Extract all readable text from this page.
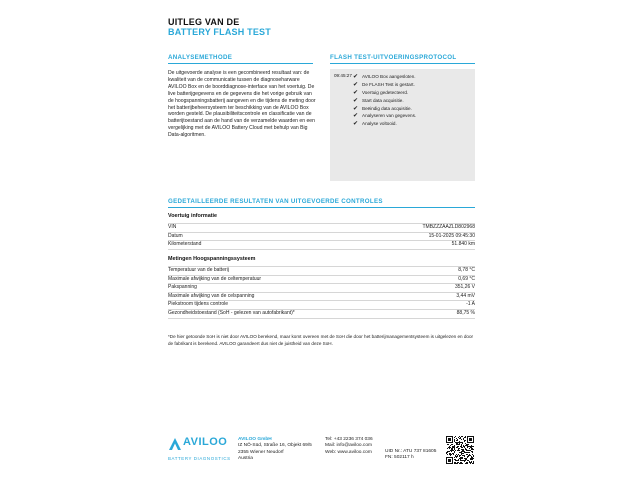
UITLEG VAN DE
BATTERY FLASH TEST
ANALYSEMETHODE
De uitgevoerde analyse is een gecombineerd resultaat van: de kwaliteit van de communicatie tussen de diagnoseharware AVILOO Box en de boorddiagnose-interface van het voertuig. De live batterijgegevens en de gegevens die het vorige gebruik van de hoogspanningsbatterij aangeven en die tijdens de meting door het batterijbeheersysteem ter beschikking van de AVILOO Box worden gesteld. De plausibiliteitscontrole en classificatie van de batterijtoestand aan de hand van de verzamelde waarden en een vergelijking met de AVILOO Battery Cloud met behulp van Big Data-algoritmen.
FLASH TEST-UITVOERINGSPROTOCOL
09:45:27 ✔ AVILOO Box aangesloten.
✔ De FLASH Test is gestart.
✔ Voertuig gedetecteerd.
✔ Start data acquisitie.
✔ Beëindig data acquisitie.
✔ Analyseren van gegevens.
✔ Analyse voltooid.
GEDETAILLEERDE RESULTATEN VAN UITGEVOERDE CONTROLES
Voertuig informatie
VIN	TMBZZZAAZLD802968
Datum	15-01-2025 09:45:30
Kilometerstand	51.840 km
Metingen Hoogspanningssysteem
Temperatuur van de batterij	8,78 °C
Maximale afwijking van de celtemperatuur	0,69 °C
Pakspanning	351,26 V
Maximale afwijking van de celspanning	3,44 mV
Piekstroom tijdens controle	-1 A
Gezondheidstoestand (SoH - gelezen van autofabrikant)*	88,75 %
*De hier getoonde SoH is niet door AVILOO berekend, maar komt overeen met de SoH die door het batterijmanagementsysteem is uitgelezen en door de fabrikant is berekend. AVILOO garandeert dus niet de juistheid van deze SoH.
AVILOO
BATTERY DIAGNOSTICS
AVILOO GmbH
IZ NÖ-Süd, Straße 16, Objekt 69/5
2355 Wiener Neudorf
Austria
Tel: +43 2236 374 036
Mail: info@aviloo.com
Web: www.aviloo.com	UID Nr.: ATU 737 81605
FN: 502117 h
